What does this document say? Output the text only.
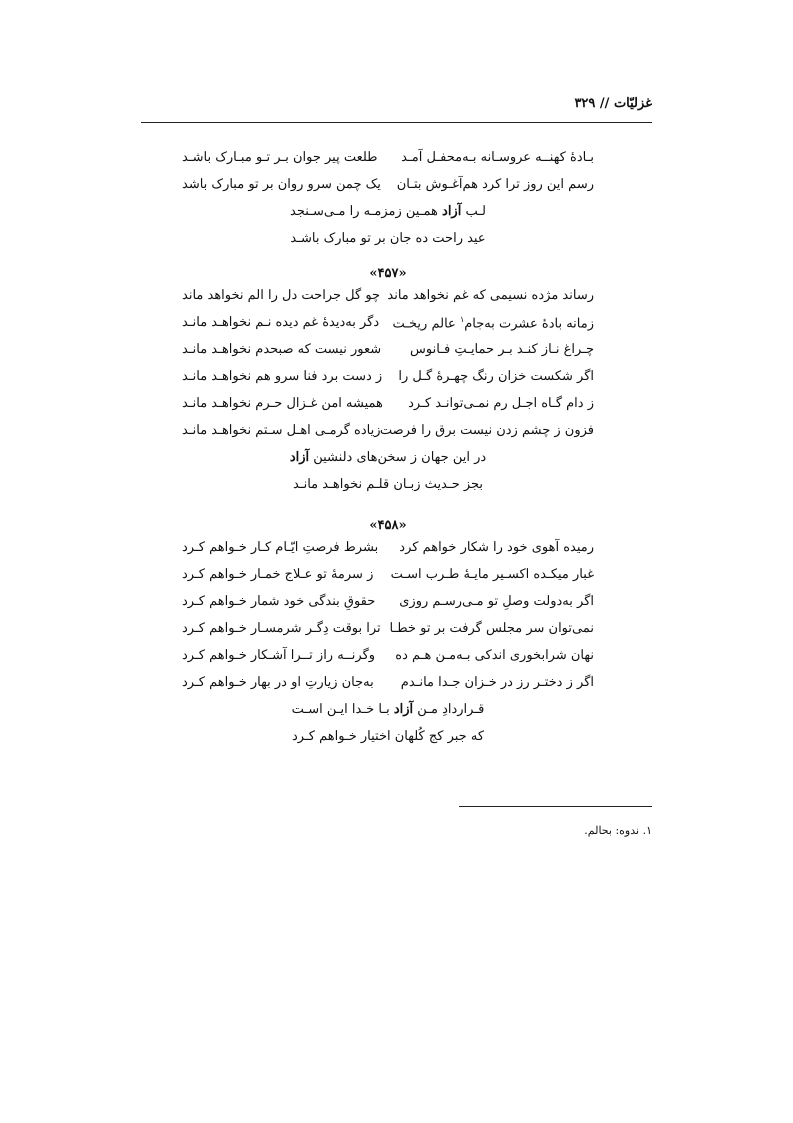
غزلیّات // ۳۲۹
بـادهٔ کهنــه عروسـانه بـه‌محفـل آمـد
طلعت پیر جوان بـر تـو مبـارک باشـد
رسم این روز ترا کرد هم‌آغـوش بتـان
یک چمن سرو روان بر تو مبارک باشد
لـب آزاد همـین زمزمـه را مـی‌سـنجد
عید راحت ده جان بر تو مبارک باشـد
«۴۵۷»
رساند مژده نسیمی که غم نخواهد ماند
چو گل جراحت دل را الم نخواهد ماند
زمانه بادهٔ عشرت به‌جام$^۱$ عالم ریخـت
دگر به‌دیدهٔ غم دیده نـم نخواهـد مانـد
چـراغ نـاز کنـد بـر حمایـتِ فـانوس
شعور نیست که صبحدم نخواهـد مانـد
اگر شکست خزان رنگ چهـرهٔ گـل را
ز دست برد فنا سرو هم نخواهـد مانـد
ز دام گـاه اجـل رم نمـی‌توانـد کـرد
همیشه امن غـزال حـرم نخواهـد مانـد
فزون ز چشم زدن نیست برق را فرصت
زیاده گرمـی اهـل سـتم نخواهـد مانـد
در این جهان ز سخن‌های دلنشین آزاد
بجز حـدیث زبـان قلـم نخواهـد مانـد
«۴۵۸»
رمیده آهوی خود را شکار خواهم کرد
بشرط فرصتِ ایّـام کـار خـواهم کـرد
غبار میکـده اکسـیر مایـهٔ طـرب اسـت
ز سرمهٔ تو عـلاج خمـار خـواهم کـرد
اگر به‌دولت وصلِ تو مـی‌رسـم روزی
حقوقِ بندگی خود شمار خـواهم کـرد
نمی‌توان سر مجلس گرفت بر تو خطـا
ترا بوقت دِگـر شرمسـار خـواهم کـرد
نهان شرابخوری اندکی بـه‌مـن هـم ده
وگرنــه راز تــرا آشـکار خـواهم کـرد
اگر ز دختـر رز در خـزان جـدا مانـدم
به‌جان زیارتِ او در بهار خـواهم کـرد
قـراردادِ مـن آزاد بـا خـدا ایـن اسـت
که جبر کج کُلهان اختیار خـواهم کـرد
۱. ندوه: بحالم.
